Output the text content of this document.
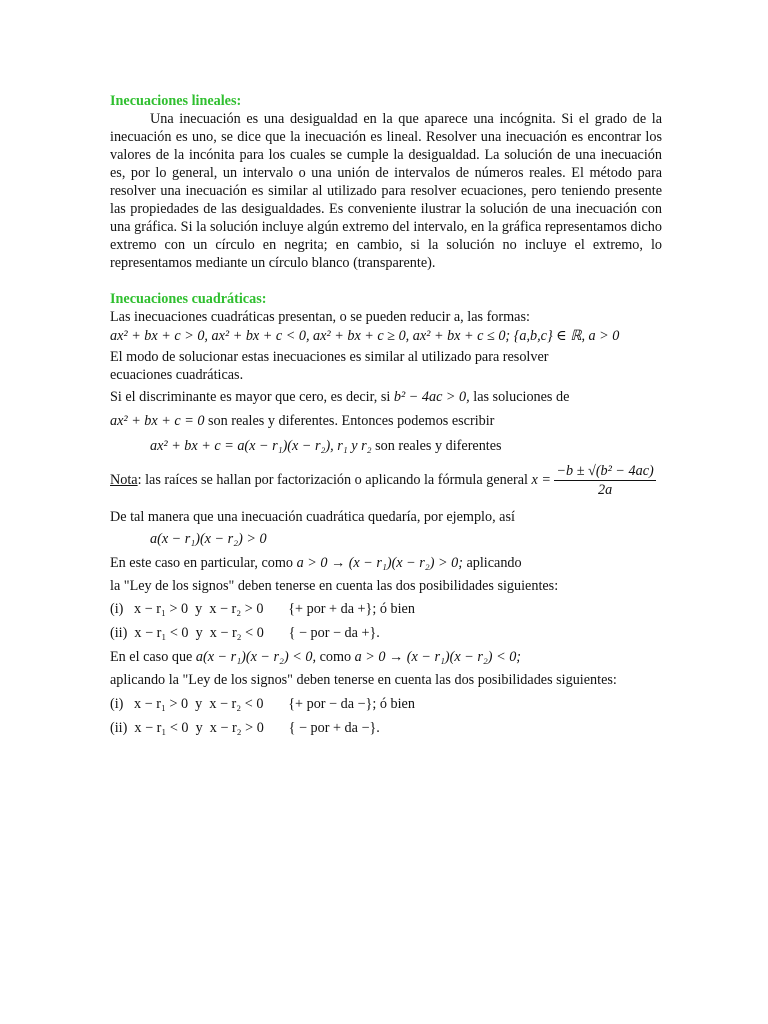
Inecuaciones lineales:
Una inecuación es una desigualdad en la que aparece una incógnita. Si el grado de la inecuación es uno, se dice que la inecuación es lineal. Resolver una inecuación es encontrar los valores de la incónita para los cuales se cumple la desigualdad. La solución de una inecuación es, por lo general, un intervalo o una unión de intervalos de números reales. El método para resolver una inecuación es similar al utilizado para resolver ecuaciones, pero teniendo presente las propiedades de las desigualdades. Es conveniente ilustrar la solución de una inecuación con una gráfica. Si la solución incluye algún extremo del intervalo, en la gráfica representamos dicho extremo con un círculo en negrita; en cambio, si la solución no incluye el extremo, lo representamos mediante un círculo blanco (transparente).
Inecuaciones cuadráticas:
Las inecuaciones cuadráticas presentan, o se pueden reducir a, las formas:
ax² + bx + c > 0, ax² + bx + c < 0, ax² + bx + c ≥ 0, ax² + bx + c ≤ 0; {a,b,c} ∈ ℝ, a > 0
El modo de solucionar estas inecuaciones es similar al utilizado para resolver
ecuaciones cuadráticas.
Si el discriminante es mayor que cero, es decir, si b² − 4ac > 0, las soluciones de
ax² + bx + c = 0 son reales y diferentes. Entonces podemos escribir
ax² + bx + c = a(x − r₁)(x − r₂), r₁ y r₂ son reales y diferentes
Nota: las raíces se hallan por factorización o aplicando la fórmula general $x = \frac{\text{−b ± √(b² − 4ac)}}{2a}$
De tal manera que una inecuación cuadrática quedaría, por ejemplo, así
a(x − r₁)(x − r₂) > 0
En este caso en particular, como a > 0 → (x − r₁)(x − r₂) > 0; aplicando
la "Ley de los signos" deben tenerse en cuenta las dos posibilidades siguientes:
(i)   x − r₁ > 0  y  x − r₂ > 0       {+ por + da +}; ó bien
(ii)  x − r₁ < 0  y  x − r₂ < 0       { − por − da +}.
En el caso que a(x − r₁)(x − r₂) < 0, como a > 0 → (x − r₁)(x − r₂) < 0;
aplicando la "Ley de los signos" deben tenerse en cuenta las dos posibilidades siguientes:
(i)   x − r₁ > 0  y  x − r₂ < 0       {+ por − da −}; ó bien
(ii)  x − r₁ < 0  y  x − r₂ > 0       { − por + da −}.
